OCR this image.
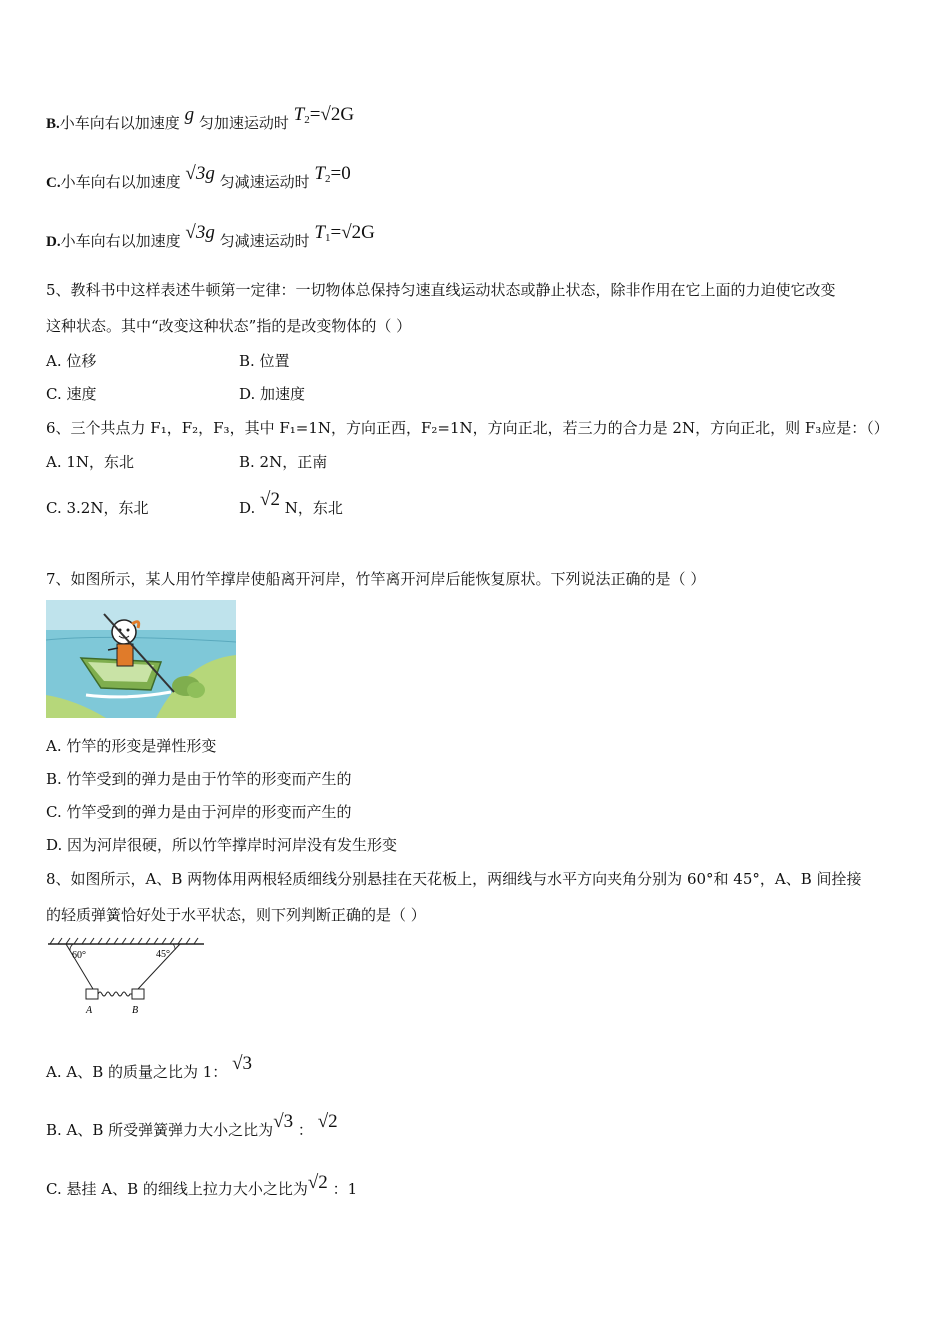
B.小车向右以加速度 g 匀加速运动时 $T_2=√2G$
C.小车向右以加速度 √3g 匀减速运动时 $T_2=0$
D.小车向右以加速度 √3g 匀减速运动时 $T_1=√2G$
5、教科书中这样表述牛顿第一定律：一切物体总保持匀速直线运动状态或静止状态，除非作用在它上面的力迫使它改变
这种状态。其中“改变这种状态”指的是改变物体的（ ）
A. 位移	B. 位置
C. 速度	D. 加速度
6、三个共点力 F₁，F₂，F₃，其中 F₁=1N，方向正西，F₂=1N，方向正北，若三力的合力是 2N，方向正北，则 F₃应是：（）
A. 1N，东北	B. 2N，正南
C. 3.2N，东北	D. √2 N，东北
7、如图所示，某人用竹竿撑岸使船离开河岸，竹竿离开河岸后能恢复原状。下列说法正确的是（ ）
A. 竹竿的形变是弹性形变
B. 竹竿受到的弹力是由于竹竿的形变而产生的
C. 竹竿受到的弹力是由于河岸的形变而产生的
D. 因为河岸很硬，所以竹竿撑岸时河岸没有发生形变
8、如图所示，A、B 两物体用两根轻质细线分别悬挂在天花板上，两细线与水平方向夹角分别为 60°和 45°，A、B 间拴接
的轻质弹簧恰好处于水平状态，则下列判断正确的是（ ）
60°	45°
A	B
A. A、B 的质量之比为 1： √3
B. A、B 所受弹簧弹力大小之比为√3 ： √2
C. 悬挂 A、B 的细线上拉力大小之比为√2 ：1
